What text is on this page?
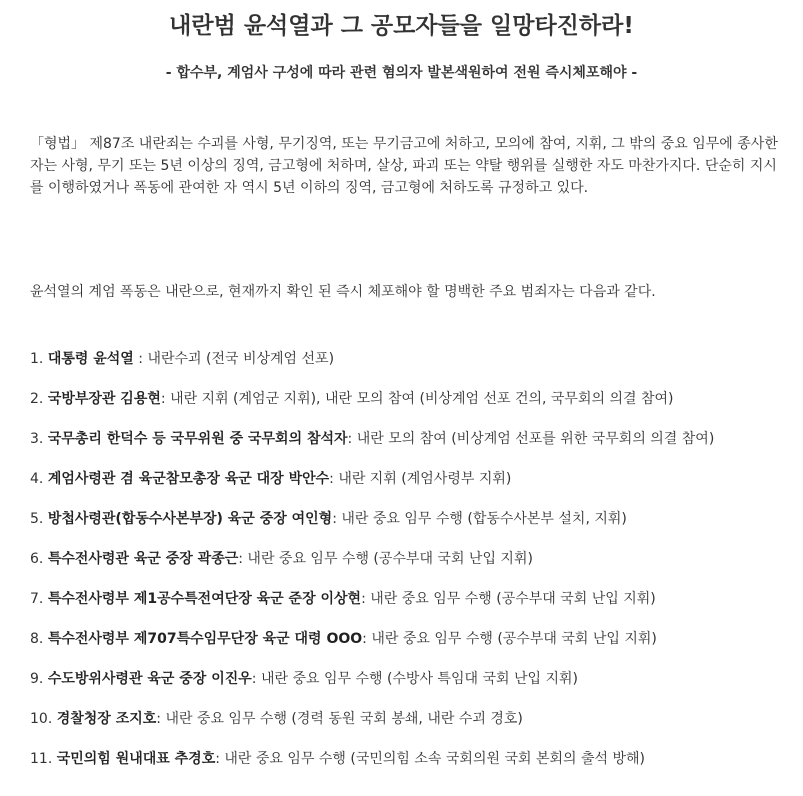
내란범 윤석열과 그 공모자들을 일망타진하라!
- 합수부, 계엄사 구성에 따라 관련 혐의자 발본색원하여 전원 즉시체포해야 -

「형법」 제87조 내란죄는 수괴를 사형, 무기징역, 또는 무기금고에 처하고, 모의에 참여, 지휘, 그 밖의 중요 임무에 종사한 자는 사형, 무기 또는 5년 이상의 징역, 금고형에 처하며, 살상, 파괴 또는 약탈 행위를 실행한 자도 마찬가지다. 단순히 지시를 이행하였거나 폭동에 관여한 자 역시 5년 이하의 징역, 금고형에 처하도록 규정하고 있다.

윤석열의 계엄 폭동은 내란으로, 현재까지 확인 된 즉시 체포해야 할 명백한 주요 범죄자는 다음과 같다.

1. 대통령 윤석열 : 내란수괴 (전국 비상계엄 선포)
2. 국방부장관 김용현: 내란 지휘 (계엄군 지휘), 내란 모의 참여 (비상계엄 선포 건의, 국무회의 의결 참여)
3. 국무총리 한덕수 등 국무위원 중 국무회의 참석자: 내란 모의 참여 (비상계엄 선포를 위한 국무회의 의결 참여)
4. 계엄사령관 겸 육군참모총장 육군 대장 박안수: 내란 지휘 (계엄사령부 지휘)
5. 방첩사령관(합동수사본부장) 육군 중장 여인형: 내란 중요 임무 수행 (합동수사본부 설치, 지휘)
6. 특수전사령관 육군 중장 곽종근: 내란 중요 임무 수행 (공수부대 국회 난입 지휘)
7. 특수전사령부 제1공수특전여단장 육군 준장 이상현: 내란 중요 임무 수행 (공수부대 국회 난입 지휘)
8. 특수전사령부 제707특수임무단장 육군 대령 OOO: 내란 중요 임무 수행 (공수부대 국회 난입 지휘)
9. 수도방위사령관 육군 중장 이진우: 내란 중요 임무 수행 (수방사 특임대 국회 난입 지휘)
10. 경찰청장 조지호: 내란 중요 임무 수행 (경력 동원 국회 봉쇄, 내란 수괴 경호)
11. 국민의힘 원내대표 추경호: 내란 중요 임무 수행 (국민의힘 소속 국회의원 국회 본회의 출석 방해)
